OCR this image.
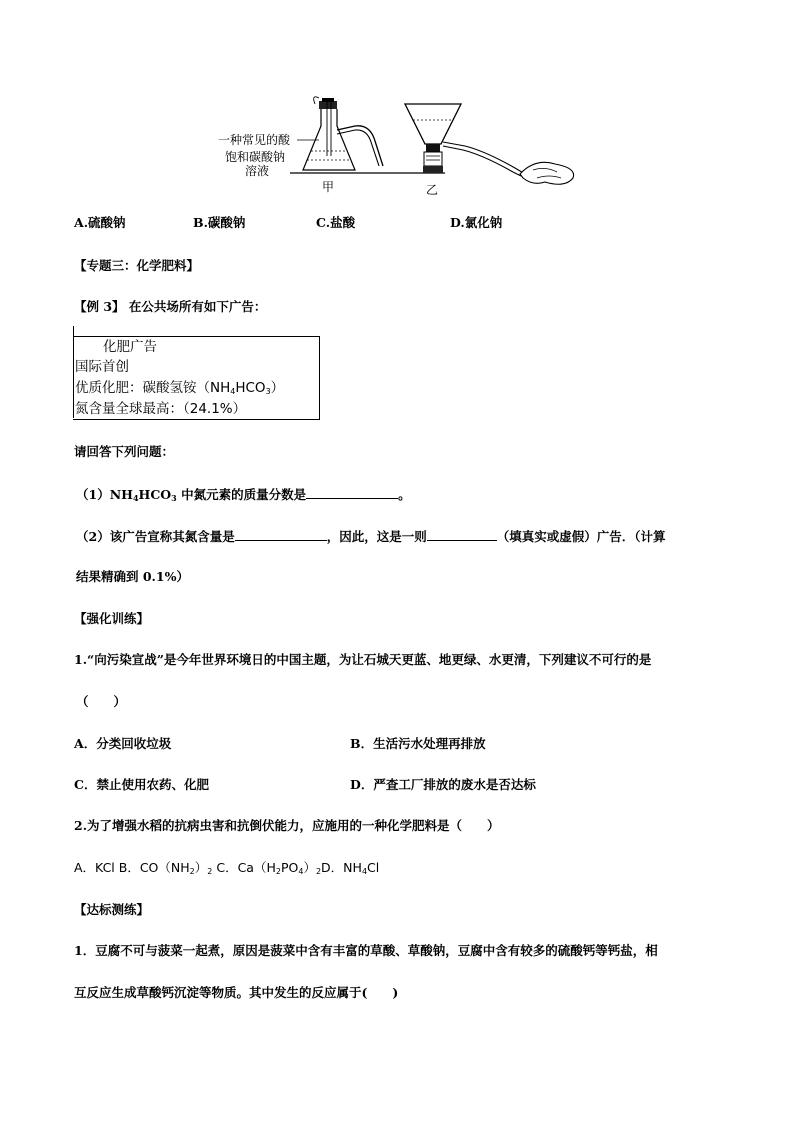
一种常见的酸
饱和碳酸钠
溶液
甲	乙
A.硫酸钠	B.碳酸钠	C.盐酸	D.氯化钠
【专题三：化学肥料】
【例 3】 在公共场所有如下广告：
化肥广告
国际首创
优质化肥：碳酸氢铵$(NH_4HCO_3)$
氮含量全球最高：（24.1%）
请回答下列问题：
$(1)NH_4HCO_3$ 中氮元素的质量分数是	。
（2）该广告宣称其氮含量是	，因此，这是一则	（填真实或虚假）广告．（计算
结果精确到 0.1%）
【强化训练】
1.“向污染宣战”是今年世界环境日的中国主题，为让石城天更蓝、地更绿、水更清，下列建议不可行的是
（　　）
A．分类回收垃圾	B．生活污水处理再排放
C．禁止使用农药、化肥	D．严查工厂排放的废水是否达标
2.为了增强水稻的抗病虫害和抗倒伏能力，应施用的一种化学肥料是（　　）
A．KCl B．$CO(NH_2)_2$ C．$Ca(H_2PO_4)_2D$．$NH_4Cl$
【达标测练】
1．豆腐不可与菠菜一起煮，原因是菠菜中含有丰富的草酸、草酸钠，豆腐中含有较多的硫酸钙等钙盐，相
互反应生成草酸钙沉淀等物质。其中发生的反应属于(　　)
